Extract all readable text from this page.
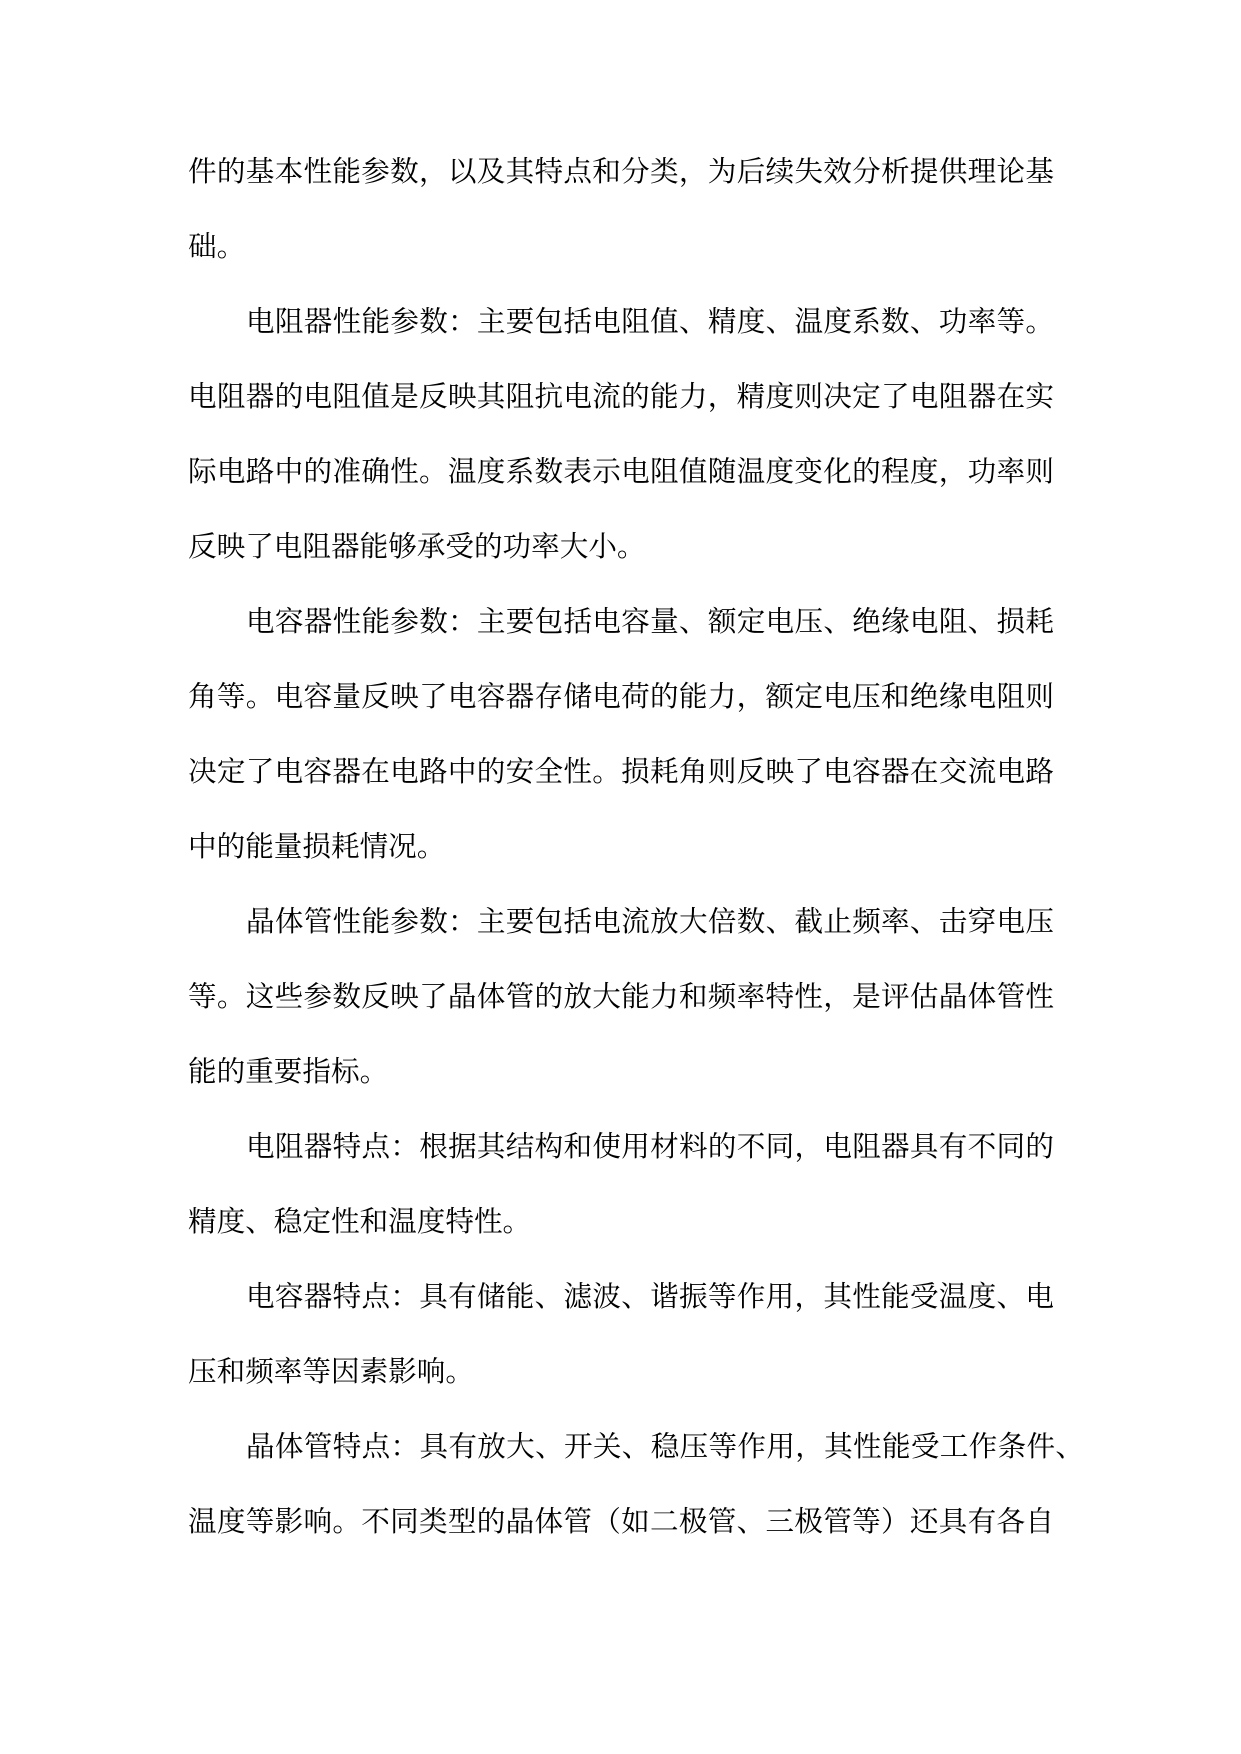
件的基本性能参数，以及其特点和分类，为后续失效分析提供理论基
础。
电阻器性能参数：主要包括电阻值、精度、温度系数、功率等。
电阻器的电阻值是反映其阻抗电流的能力，精度则决定了电阻器在实
际电路中的准确性。温度系数表示电阻值随温度变化的程度，功率则
反映了电阻器能够承受的功率大小。
电容器性能参数：主要包括电容量、额定电压、绝缘电阻、损耗
角等。电容量反映了电容器存储电荷的能力，额定电压和绝缘电阻则
决定了电容器在电路中的安全性。损耗角则反映了电容器在交流电路
中的能量损耗情况。
晶体管性能参数：主要包括电流放大倍数、截止频率、击穿电压
等。这些参数反映了晶体管的放大能力和频率特性，是评估晶体管性
能的重要指标。
电阻器特点：根据其结构和使用材料的不同，电阻器具有不同的
精度、稳定性和温度特性。
电容器特点：具有储能、滤波、谐振等作用，其性能受温度、电
压和频率等因素影响。
晶体管特点：具有放大、开关、稳压等作用，其性能受工作条件、
温度等影响。不同类型的晶体管（如二极管、三极管等）还具有各自
